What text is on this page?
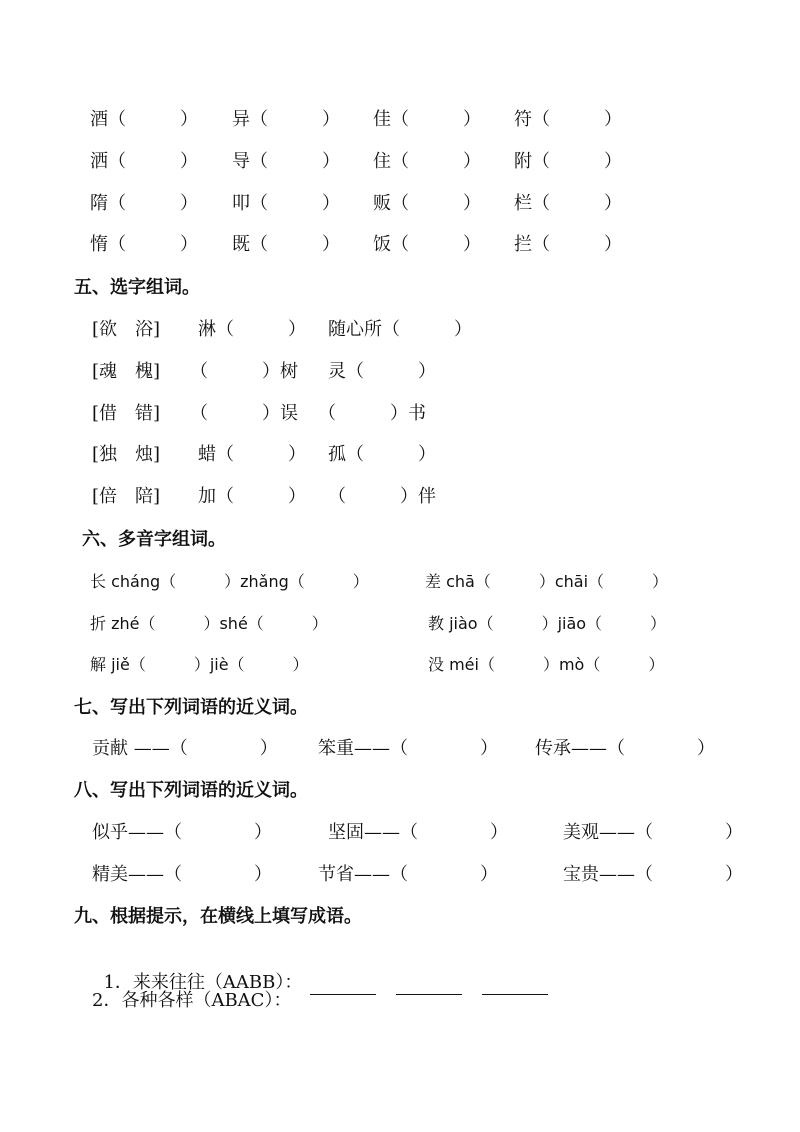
酒（　　　） 异（　　　） 佳（　　　） 符（　　　）
洒（　　　） 导（　　　） 住（　　　） 附（　　　）
隋（　　　） 叩（　　　） 贩（　　　） 栏（　　　）
惰（　　　） 既（　　　） 饭（　　　） 拦（　　　）
五、选字组词。
[欲　浴] 淋（　　　） 随心所（　　　）
[魂　槐] （　　　）树 灵（　　　）
[借　错] （　　　）误 （　　　）书
[独　烛] 蜡（　　　） 孤（　　　）
[倍　陪] 加（　　　） （　　　）伴
六、多音字组词。
长 cháng（　　　）zhǎng（　　　）	差 chā（　　　）chāi（　　　）
折 zhé（　　　）shé（　　　）	教 jiào（　　　）jiāo（　　　）
解 jiě（　　　）jiè（　　　）	没 méi（　　　）mò（　　　）
七、写出下列词语的近义词。
贡献 ——（　　　　） 笨重——（　　　　） 传承——（　　　　）
八、写出下列词语的近义词。
似乎——（　　　　）	坚固——（　　　　）	美观——（　　　　）
精美——（　　　　）	节省——（　　　　）	宝贵——（　　　　）
九、根据提示，在横线上填写成语。

1．来来往往（AABB）：

2．各种各样（ABAC）：
